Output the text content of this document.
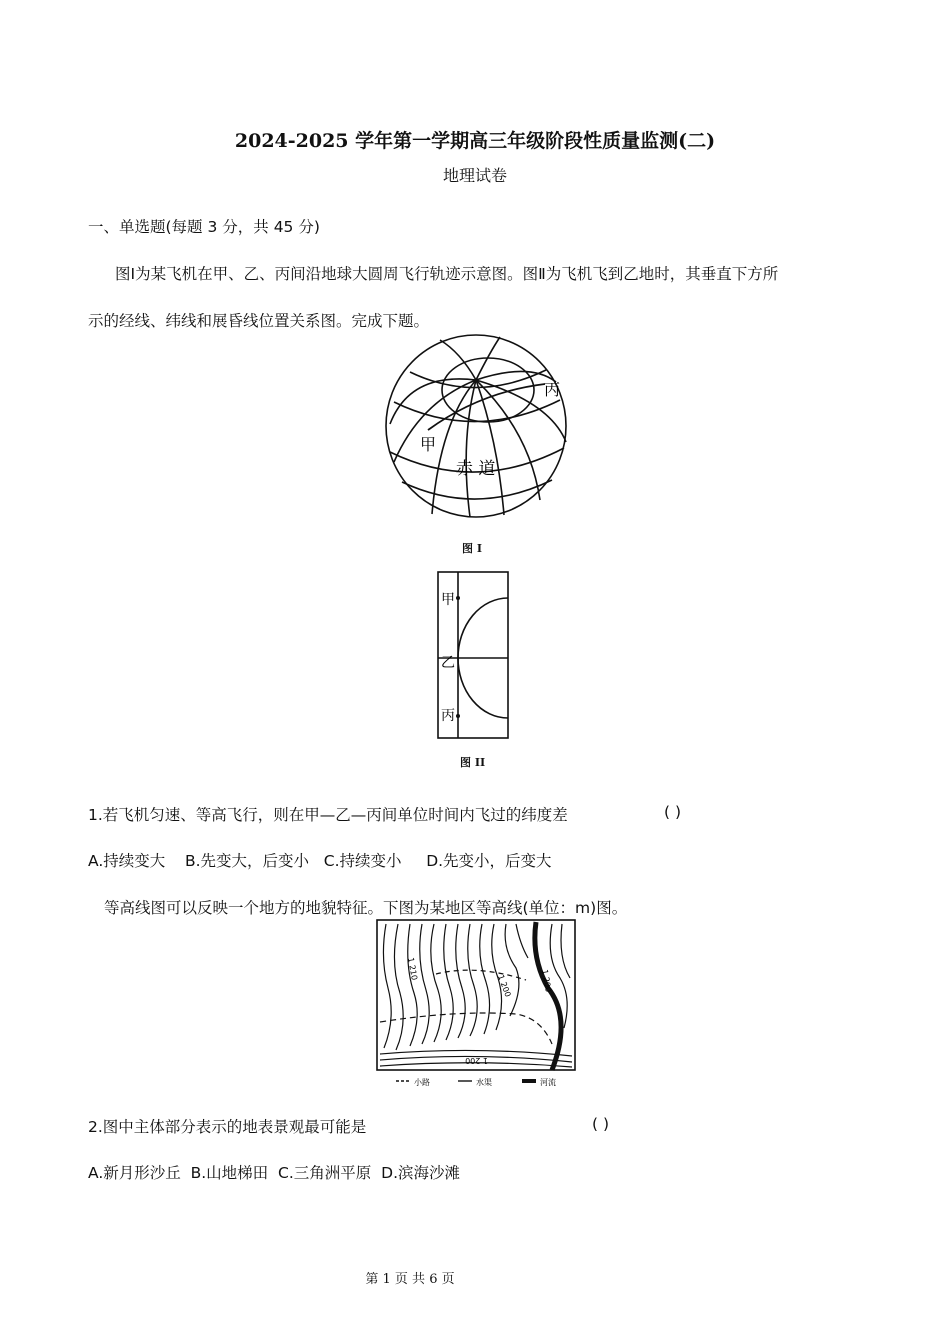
2024-2025 学年第一学期高三年级阶段性质量监测(二)
地理试卷
一、单选题(每题 3 分，共 45 分)
图Ⅰ为某飞机在甲、乙、丙间沿地球大圆周飞行轨迹示意图。图Ⅱ为飞机飞到乙地时，其垂直下方所
示的经线、纬线和展昏线位置关系图。完成下题。
丙
甲
赤 道
图 I
甲
乙
丙
图 II
1.若飞机匀速、等高飞行，则在甲—乙—丙间单位时间内飞过的纬度差	( )
A.持续变大    B.先变大，后变小   C.持续变小     D.先变小，后变大
等高线图可以反映一个地方的地貌特征。下图为某地区等高线(单位：m)图。
小路	水渠	河流
1 210
1 200	1 200
1 200
2.图中主体部分表示的地表景观最可能是	( )
A.新月形沙丘  B.山地梯田  C.三角洲平原  D.滨海沙滩
第 1 页 共 6 页
